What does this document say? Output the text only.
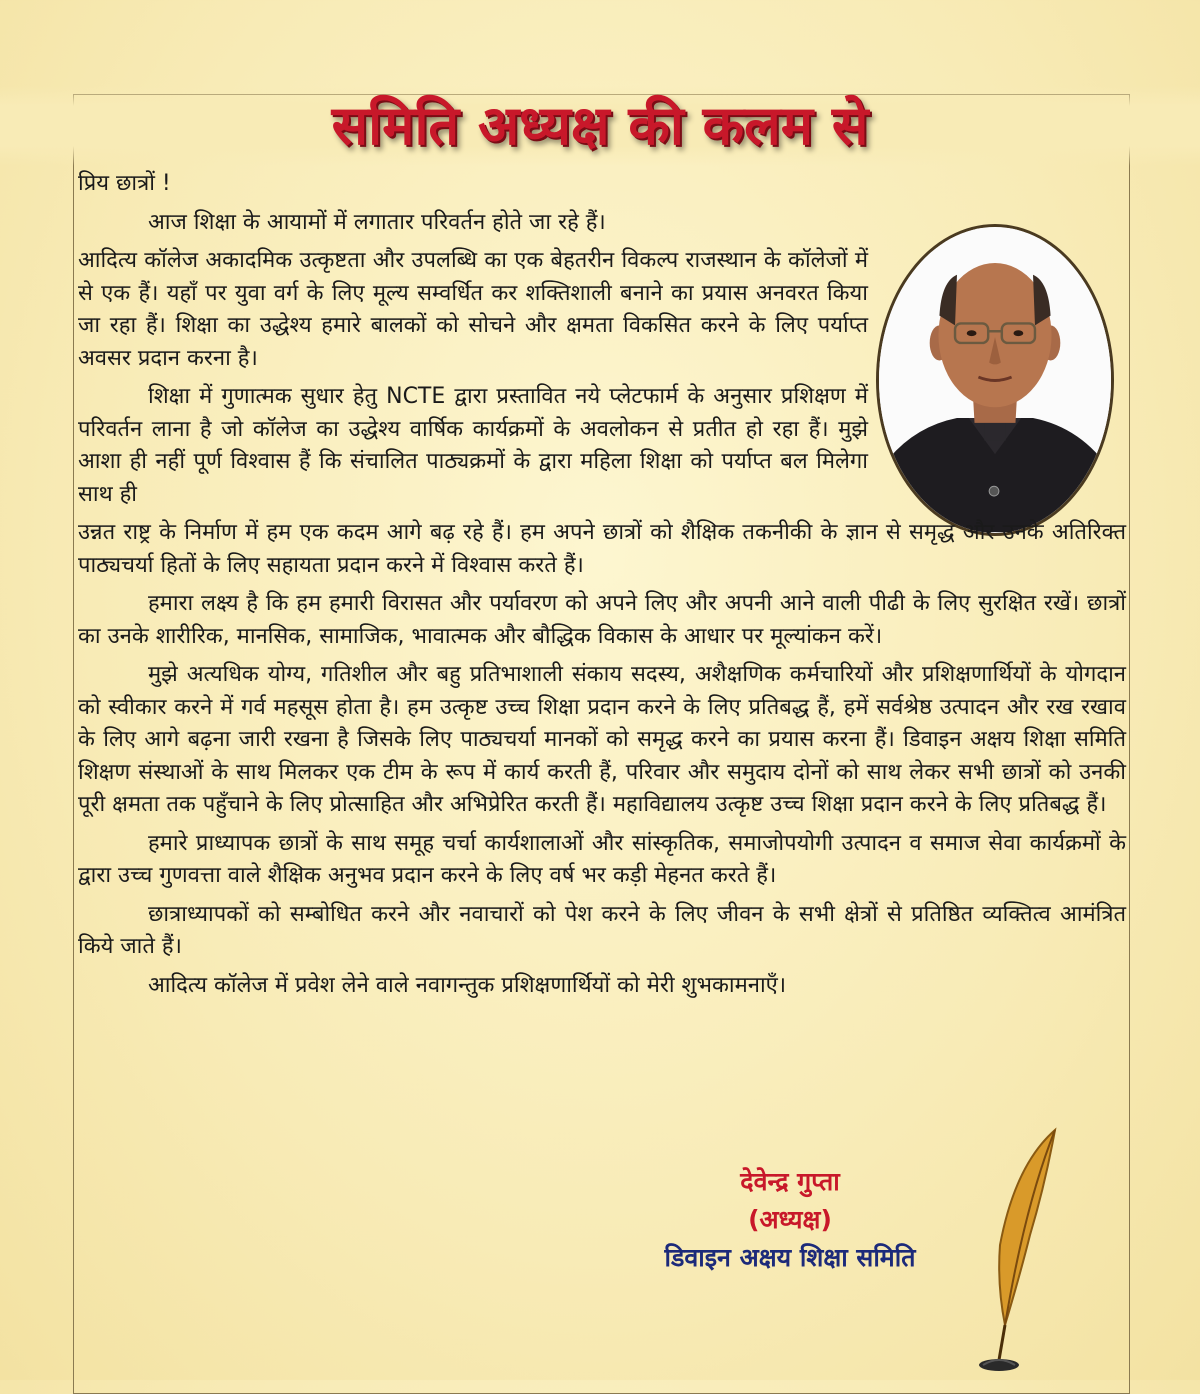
समिति अध्यक्ष की कलम से

प्रिय छात्रों !

आज शिक्षा के आयामों में लगातार परिवर्तन होते जा रहे हैं।

आदित्य कॉलेज अकादमिक उत्कृष्टता और उपलब्धि का एक बेहतरीन विकल्प राजस्थान के कॉलेजों में से एक हैं। यहाँ पर युवा वर्ग के लिए मूल्य सम्वर्धित कर शक्तिशाली बनाने का प्रयास अनवरत किया जा रहा हैं। शिक्षा का उद्धेश्य हमारे बालकों को सोचने और क्षमता विकसित करने के लिए पर्याप्त अवसर प्रदान करना है।

शिक्षा में गुणात्मक सुधार हेतु NCTE द्वारा प्रस्तावित नये प्लेटफार्म के अनुसार प्रशिक्षण में परिवर्तन लाना है जो कॉलेज का उद्धेश्य वार्षिक कार्यक्रमों के अवलोकन से प्रतीत हो रहा हैं। मुझे आशा ही नहीं पूर्ण विश्वास हैं कि संचालित पाठ्यक्रमों के द्वारा महिला शिक्षा को पर्याप्त बल मिलेगा साथ ही

उन्नत राष्ट्र के निर्माण में हम एक कदम आगे बढ़ रहे हैं। हम अपने छात्रों को शैक्षिक तकनीकी के ज्ञान से समृद्ध और उनके अतिरिक्त पाठ्यचर्या हितों के लिए सहायता प्रदान करने में विश्वास करते हैं।

हमारा लक्ष्य है कि हम हमारी विरासत और पर्यावरण को अपने लिए और अपनी आने वाली पीढी के लिए सुरक्षित रखें। छात्रों का उनके शारीरिक, मानसिक, सामाजिक, भावात्मक और बौद्धिक विकास के आधार पर मूल्यांकन करें।

मुझे अत्यधिक योग्य, गतिशील और बहु प्रतिभाशाली संकाय सदस्य, अशैक्षणिक कर्मचारियों और प्रशिक्षणार्थियों के योगदान को स्वीकार करने में गर्व महसूस होता है। हम उत्कृष्ट उच्च शिक्षा प्रदान करने के लिए प्रतिबद्ध हैं, हमें सर्वश्रेष्ठ उत्पादन और रख रखाव के लिए आगे बढ़ना जारी रखना है जिसके लिए पाठ्यचर्या मानकों को समृद्ध करने का प्रयास करना हैं। डिवाइन अक्षय शिक्षा समिति शिक्षण संस्थाओं के साथ मिलकर एक टीम के रूप में कार्य करती हैं, परिवार और समुदाय दोनों को साथ लेकर सभी छात्रों को उनकी पूरी क्षमता तक पहुँचाने के लिए प्रोत्साहित और अभिप्रेरित करती हैं। महाविद्यालय उत्कृष्ट उच्च शिक्षा प्रदान करने के लिए प्रतिबद्ध हैं।

हमारे प्राध्यापक छात्रों के साथ समूह चर्चा कार्यशालाओं और सांस्कृतिक, समाजोपयोगी उत्पादन व समाज सेवा कार्यक्रमों के द्वारा उच्च गुणवत्ता वाले शैक्षिक अनुभव प्रदान करने के लिए वर्ष भर कड़ी मेहनत करते हैं।

छात्राध्यापकों को सम्बोधित करने और नवाचारों को पेश करने के लिए जीवन के सभी क्षेत्रों से प्रतिष्ठित व्यक्तित्व आमंत्रित किये जाते हैं।

आदित्य कॉलेज में प्रवेश लेने वाले नवागन्तुक प्रशिक्षणार्थियों को मेरी शुभकामनाएँ।

देवेन्द्र गुप्ता
(अध्यक्ष)
डिवाइन अक्षय शिक्षा समिति
